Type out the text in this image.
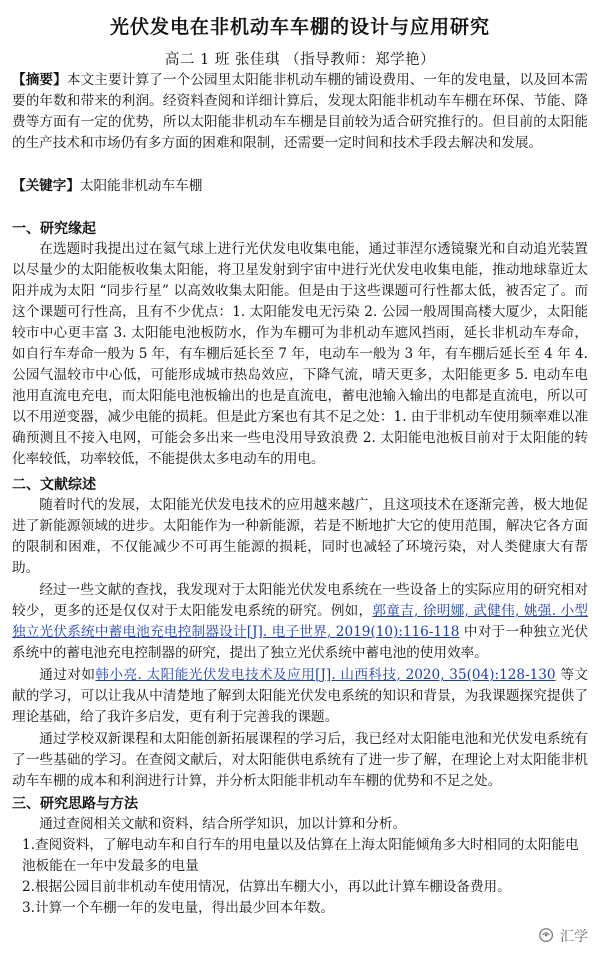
光伏发电在非机动车车棚的设计与应用研究
高二 1 班 张佳琪 （指导教师：郑学艳）
【摘要】本文主要计算了一个公园里太阳能非机动车棚的铺设费用、一年的发电量，以及回本需要的年数和带来的利润。经资料查阅和详细计算后，发现太阳能非机动车车棚在环保、节能、降费等方面有一定的优势，所以太阳能非机动车车棚是目前较为适合研究推行的。但目前的太阳能的生产技术和市场仍有多方面的困难和限制，还需要一定时间和技术手段去解决和发展。
【关键字】太阳能非机动车车棚
一、研究缘起
在选题时我提出过在氦气球上进行光伏发电收集电能，通过菲涅尔透镜聚光和自动追光装置以尽量少的太阳能板收集太阳能，将卫星发射到宇宙中进行光伏发电收集电能，推动地球靠近太阳并成为太阳 “同步行星” 以高效收集太阳能。但是由于这些课题可行性都太低，被否定了。而这个课题可行性高，且有不少优点：1. 太阳能发电无污染 2. 公园一般周围高楼大厦少，太阳能较市中心更丰富 3. 太阳能电池板防水，作为车棚可为非机动车遮风挡雨，延长非机动车寿命，如自行车寿命一般为 5 年，有车棚后延长至 7 年，电动车一般为 3 年，有车棚后延长至 4 年 4. 公园气温较市中心低，可能形成城市热岛效应，下降气流，晴天更多，太阳能更多 5. 电动车电池用直流电充电，而太阳能电池板输出的也是直流电，蓄电池输入输出的电都是直流电，所以可以不用逆变器，减少电能的损耗。但是此方案也有其不足之处：1. 由于非机动车使用频率难以准确预测且不接入电网，可能会多出来一些电没用导致浪费 2. 太阳能电池板目前对于太阳能的转化率较低，功率较低，不能提供太多电动车的用电。
二、文献综述
随着时代的发展，太阳能光伏发电技术的应用越来越广，且这项技术在逐渐完善，极大地促进了新能源领域的进步。太阳能作为一种新能源，若是不断地扩大它的使用范围，解决它各方面的限制和困难，不仅能减少不可再生能源的损耗，同时也减轻了环境污染，对人类健康大有帮助。
经过一些文献的查找，我发现对于太阳能光伏发电系统在一些设备上的实际应用的研究相对较少，更多的还是仅仅对于太阳能发电系统的研究。例如，郭童吉, 徐明娜, 武健伟, 姚强. 小型独立光伏系统中蓄电池充电控制器设计[J]. 电子世界, 2019(10):116-118 中对于一种独立光伏系统中的蓄电池充电控制器的研究，提出了独立光伏系统中蓄电池的使用效率。
通过对如韩小亮. 太阳能光伏发电技术及应用[J]. 山西科技, 2020, 35(04):128-130 等文献的学习，可以让我从中清楚地了解到太阳能光伏发电系统的知识和背景，为我课题探究提供了理论基础，给了我许多启发，更有利于完善我的课题。
通过学校双新课程和太阳能创新拓展课程的学习后，我已经对太阳能电池和光伏发电系统有了一些基础的学习。在查阅文献后，对太阳能供电系统有了进一步了解，在理论上对太阳能非机动车车棚的成本和利润进行计算，并分析太阳能非机动车车棚的优势和不足之处。
三、研究思路与方法
通过查阅相关文献和资料，结合所学知识，加以计算和分析。
1.查阅资料，了解电动车和自行车的用电量以及估算在上海太阳能倾角多大时相同的太阳能电池板能在一年中发最多的电量
2.根据公园目前非机动车使用情况，估算出车棚大小，再以此计算车棚设备费用。
3.计算一个车棚一年的发电量，得出最少回本年数。
汇学
